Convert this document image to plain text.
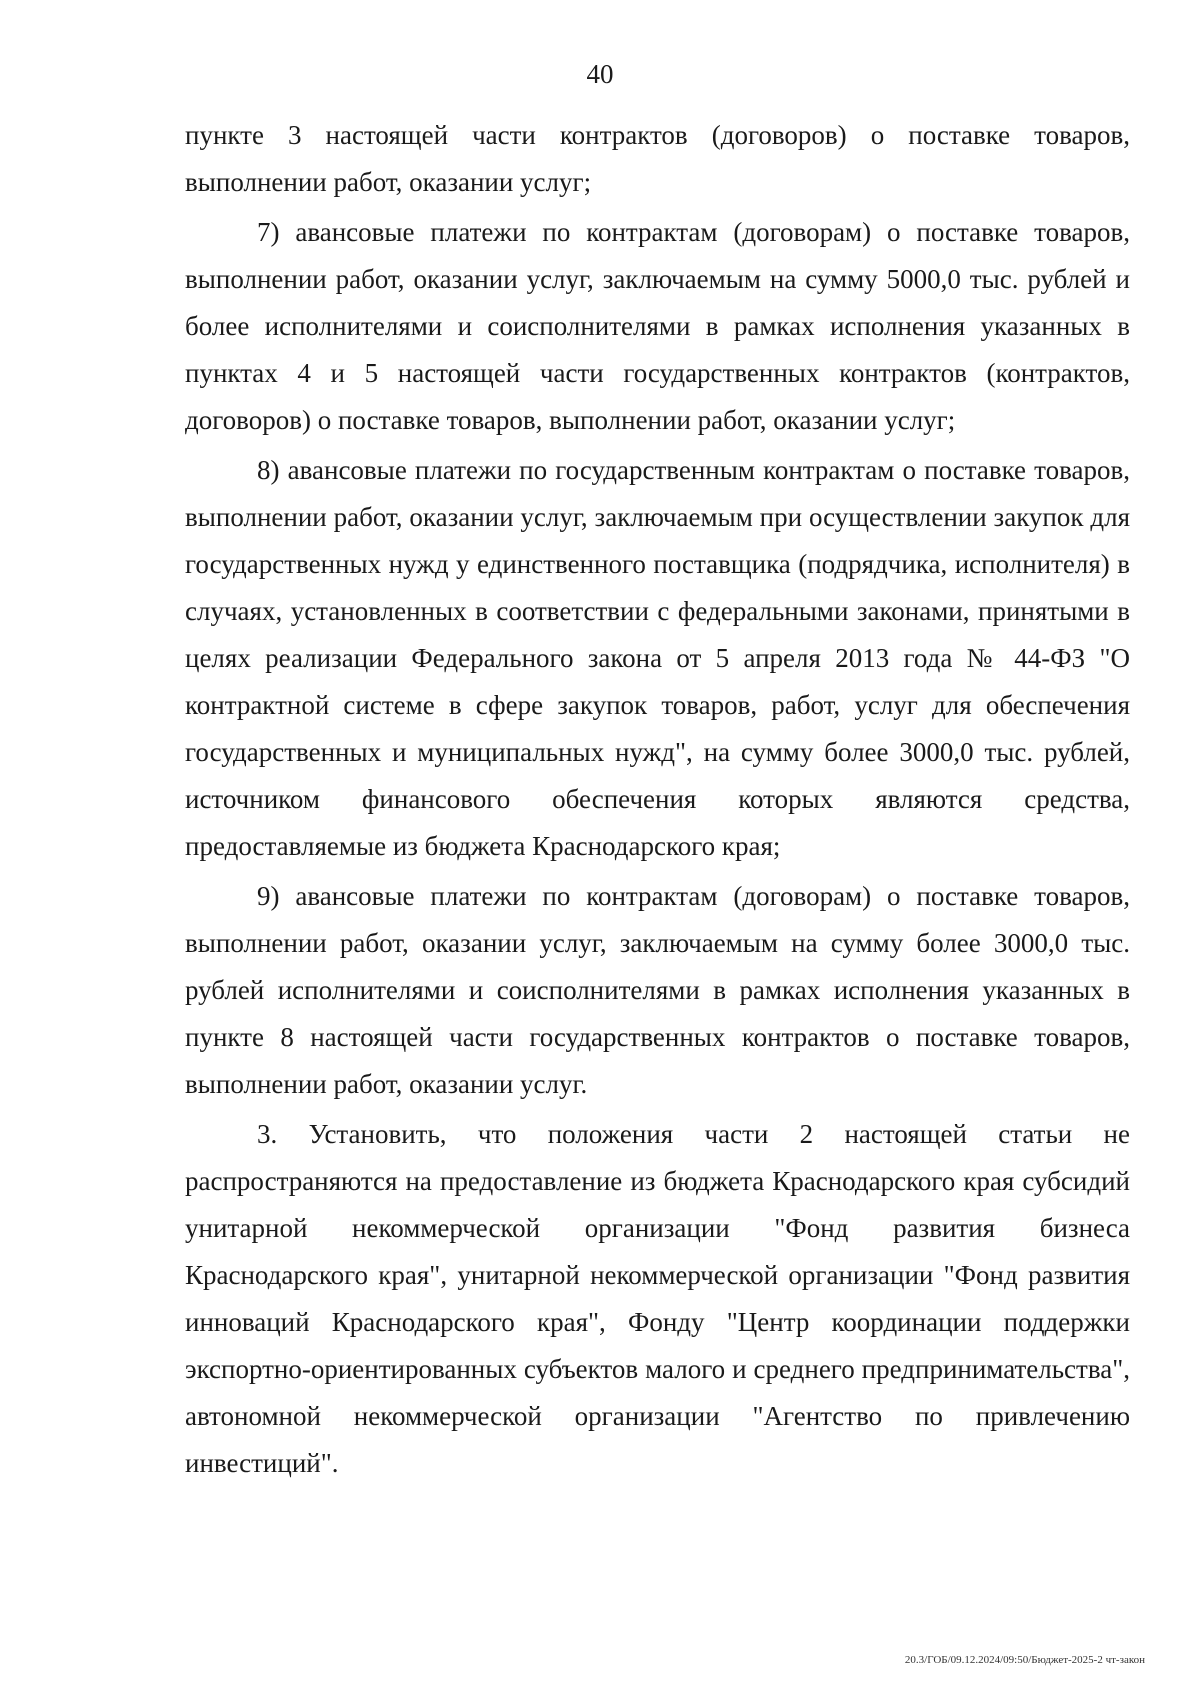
40

пункте 3 настоящей части контрактов (договоров) о поставке товаров, выполнении работ, оказании услуг;

7) авансовые платежи по контрактам (договорам) о поставке товаров, выполнении работ, оказании услуг, заключаемым на сумму 5000,0 тыс. рублей и более исполнителями и соисполнителями в рамках исполнения указанных в пунктах 4 и 5 настоящей части государственных контрактов (контрактов, договоров) о поставке товаров, выполнении работ, оказании услуг;

8) авансовые платежи по государственным контрактам о поставке товаров, выполнении работ, оказании услуг, заключаемым при осуществлении закупок для государственных нужд у единственного поставщика (подрядчика, исполнителя) в случаях, установленных в соответствии с федеральными законами, принятыми в целях реализации Федерального закона от 5 апреля 2013 года № 44-ФЗ "О контрактной системе в сфере закупок товаров, работ, услуг для обеспечения государственных и муниципальных нужд", на сумму более 3000,0 тыс. рублей, источником финансового обеспечения которых являются средства, предоставляемые из бюджета Краснодарского края;

9) авансовые платежи по контрактам (договорам) о поставке товаров, выполнении работ, оказании услуг, заключаемым на сумму более 3000,0 тыс. рублей исполнителями и соисполнителями в рамках исполнения указанных в пункте 8 настоящей части государственных контрактов о поставке товаров, выполнении работ, оказании услуг.

3. Установить, что положения части 2 настоящей статьи не распространяются на предоставление из бюджета Краснодарского края субсидий унитарной некоммерческой организации "Фонд развития бизнеса Краснодарского края", унитарной некоммерческой организации "Фонд развития инноваций Краснодарского края", Фонду "Центр координации поддержки экспортно-ориентированных субъектов малого и среднего предпринимательства", автономной некоммерческой организации "Агентство по привлечению инвестиций".

20.3/ГОБ/09.12.2024/09:50/Бюджет-2025-2 чт-закон
